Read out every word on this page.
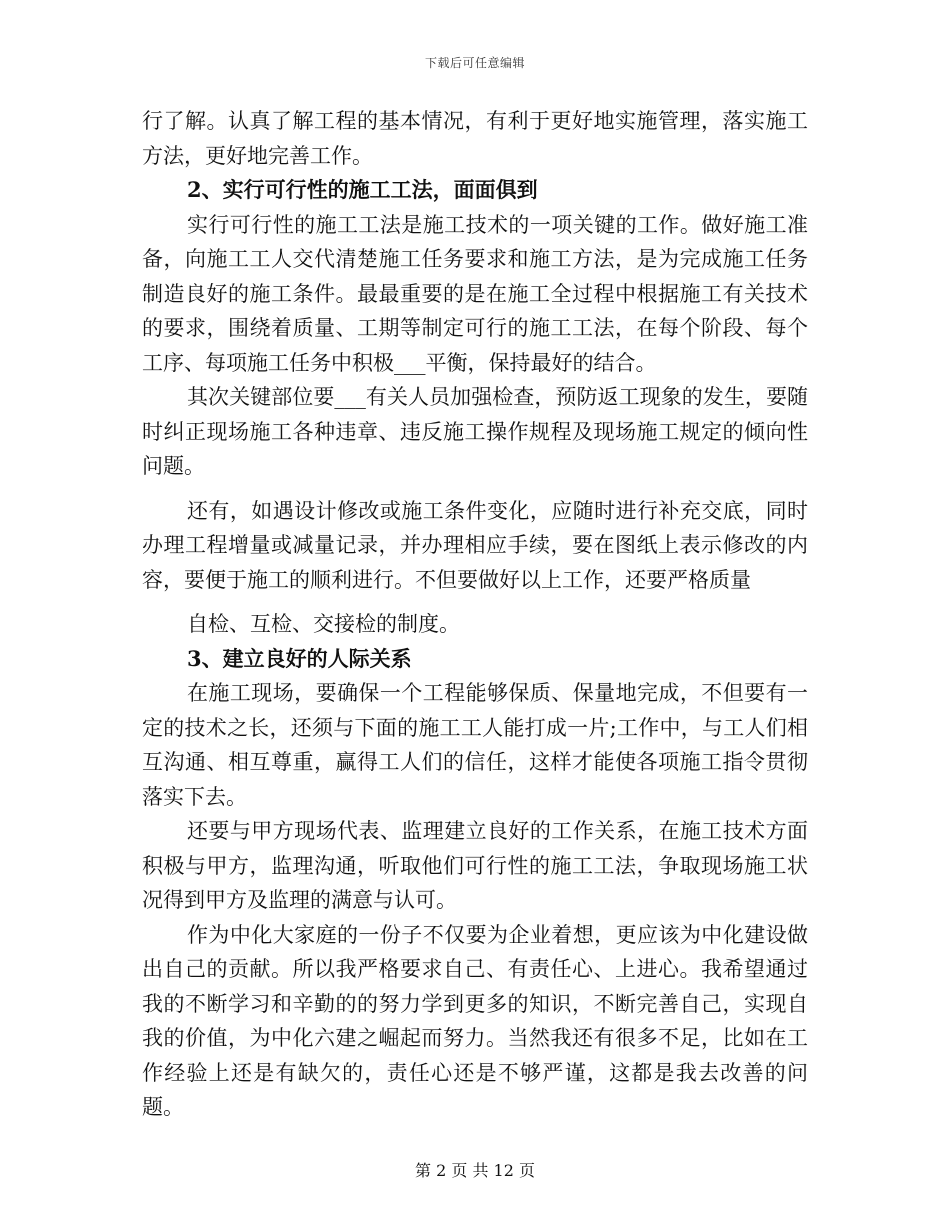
下载后可任意编辑

行了解。认真了解工程的基本情况，有利于更好地实施管理，落实施工方法，更好地完善工作。

2、实行可行性的施工工法，面面俱到

实行可行性的施工工法是施工技术的一项关键的工作。做好施工准备，向施工工人交代清楚施工任务要求和施工方法，是为完成施工任务制造良好的施工条件。最最重要的是在施工全过程中根据施工有关技术的要求，围绕着质量、工期等制定可行的施工工法，在每个阶段、每个工序、每项施工任务中积极___平衡，保持最好的结合。

其次关键部位要___有关人员加强检查，预防返工现象的发生，要随时纠正现场施工各种违章、违反施工操作规程及现场施工规定的倾向性问题。

还有，如遇设计修改或施工条件变化，应随时进行补充交底，同时办理工程增量或减量记录，并办理相应手续，要在图纸上表示修改的内容，要便于施工的顺利进行。不但要做好以上工作，还要严格质量

自检、互检、交接检的制度。

3、建立良好的人际关系

在施工现场，要确保一个工程能够保质、保量地完成，不但要有一定的技术之长，还须与下面的施工工人能打成一片;工作中，与工人们相互沟通、相互尊重，赢得工人们的信任，这样才能使各项施工指令贯彻落实下去。

还要与甲方现场代表、监理建立良好的工作关系，在施工技术方面积极与甲方，监理沟通，听取他们可行性的施工工法，争取现场施工状况得到甲方及监理的满意与认可。

作为中化大家庭的一份子不仅要为企业着想，更应该为中化建设做出自己的贡献。所以我严格要求自己、有责任心、上进心。我希望通过我的不断学习和辛勤的的努力学到更多的知识，不断完善自己，实现自我的价值，为中化六建之崛起而努力。当然我还有很多不足，比如在工作经验上还是有缺欠的，责任心还是不够严谨，这都是我去改善的问题。

第 2 页 共 12 页
